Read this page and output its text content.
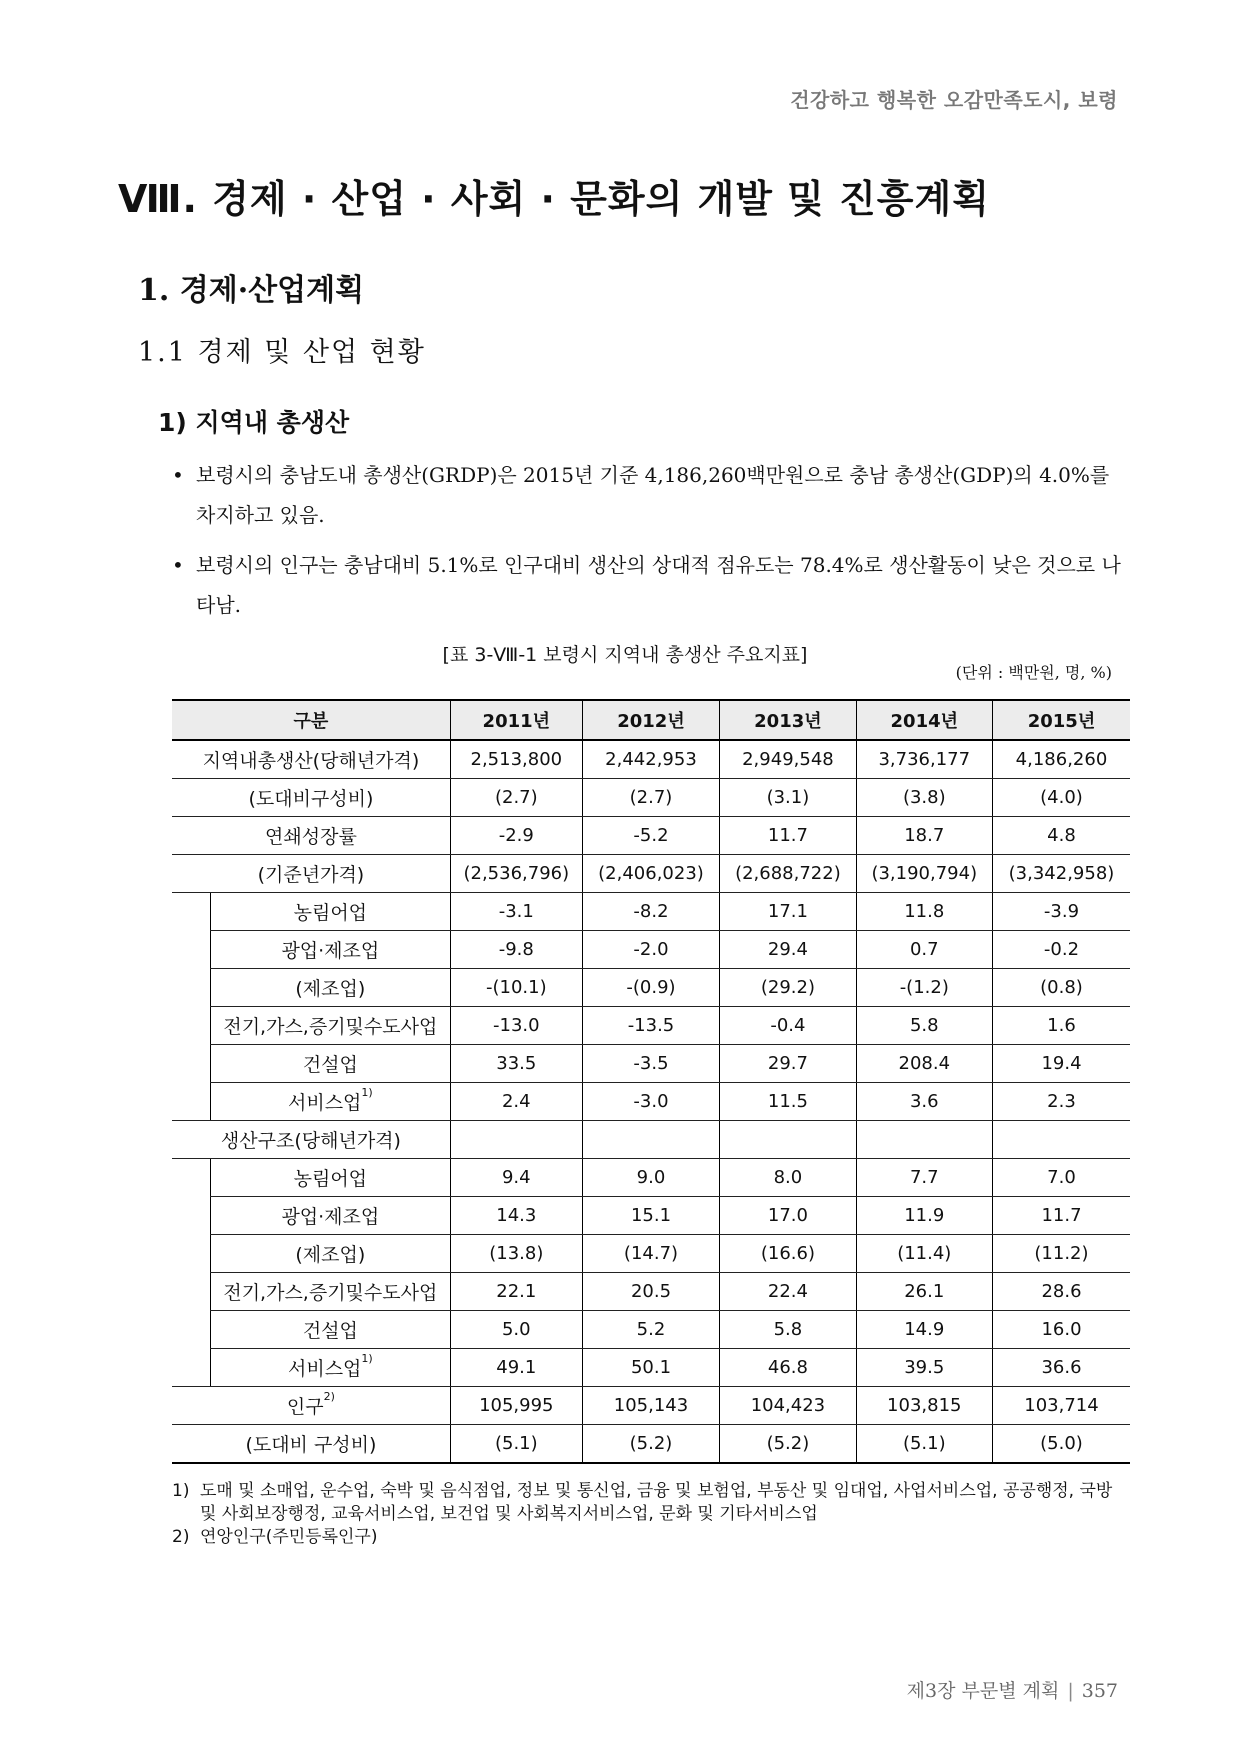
건강하고 행복한 오감만족도시, 보령
Ⅷ. 경제 · 산업 · 사회 · 문화의 개발 및 진흥계획
1. 경제·산업계획
1.1 경제 및 산업 현황
1) 지역내 총생산
• 보령시의 충남도내 총생산(GRDP)은 2015년 기준 4,186,260백만원으로 충남 총생산(GDP)의 4.0%를 차지하고 있음.
• 보령시의 인구는 충남대비 5.1%로 인구대비 생산의 상대적 점유도는 78.4%로 생산활동이 낮은 것으로 나타남.
[표 3-Ⅷ-1 보령시 지역내 총생산 주요지표]
(단위 : 백만원, 명, %)
구분		2011년	2012년	2013년	2014년	2015년
지역내총생산(당해년가격)		2,513,800	2,442,953	2,949,548	3,736,177	4,186,260
(도대비구성비)		(2.7)	(2.7)	(3.1)	(3.8)	(4.0)
연쇄성장률		-2.9	-5.2	11.7	18.7	4.8
(기준년가격)		(2,536,796)	(2,406,023)	(2,688,722)	(3,190,794)	(3,342,958)
	농림어업	-3.1	-8.2	17.1	11.8	-3.9
	광업·제조업	-9.8	-2.0	29.4	0.7	-0.2
	(제조업)	-(10.1)	-(0.9)	(29.2)	-(1.2)	(0.8)
	전기,가스,증기및수도사업	-13.0	-13.5	-0.4	5.8	1.6
	건설업	33.5	-3.5	29.7	208.4	19.4
	서비스업$^{1)}$	2.4	-3.0	11.5	3.6	2.3
생산구조(당해년가격)						
	농림어업	9.4	9.0	8.0	7.7	7.0
	광업·제조업	14.3	15.1	17.0	11.9	11.7
	(제조업)	(13.8)	(14.7)	(16.6)	(11.4)	(11.2)
	전기,가스,증기및수도사업	22.1	20.5	22.4	26.1	28.6
	건설업	5.0	5.2	5.8	14.9	16.0
	서비스업$^{1)}$	49.1	50.1	46.8	39.5	36.6
인구$^{2)}$		105,995	105,143	104,423	103,815	103,714
(도대비 구성비)		(5.1)	(5.2)	(5.2)	(5.1)	(5.0)
1) 도매 및 소매업, 운수업, 숙박 및 음식점업, 정보 및 통신업, 금융 및 보험업, 부동산 및 임대업, 사업서비스업, 공공행정, 국방 및 사회보장행정, 교육서비스업, 보건업 및 사회복지서비스업, 문화 및 기타서비스업
2) 연앙인구(주민등록인구)
제3장 부문별 계획 | 357
